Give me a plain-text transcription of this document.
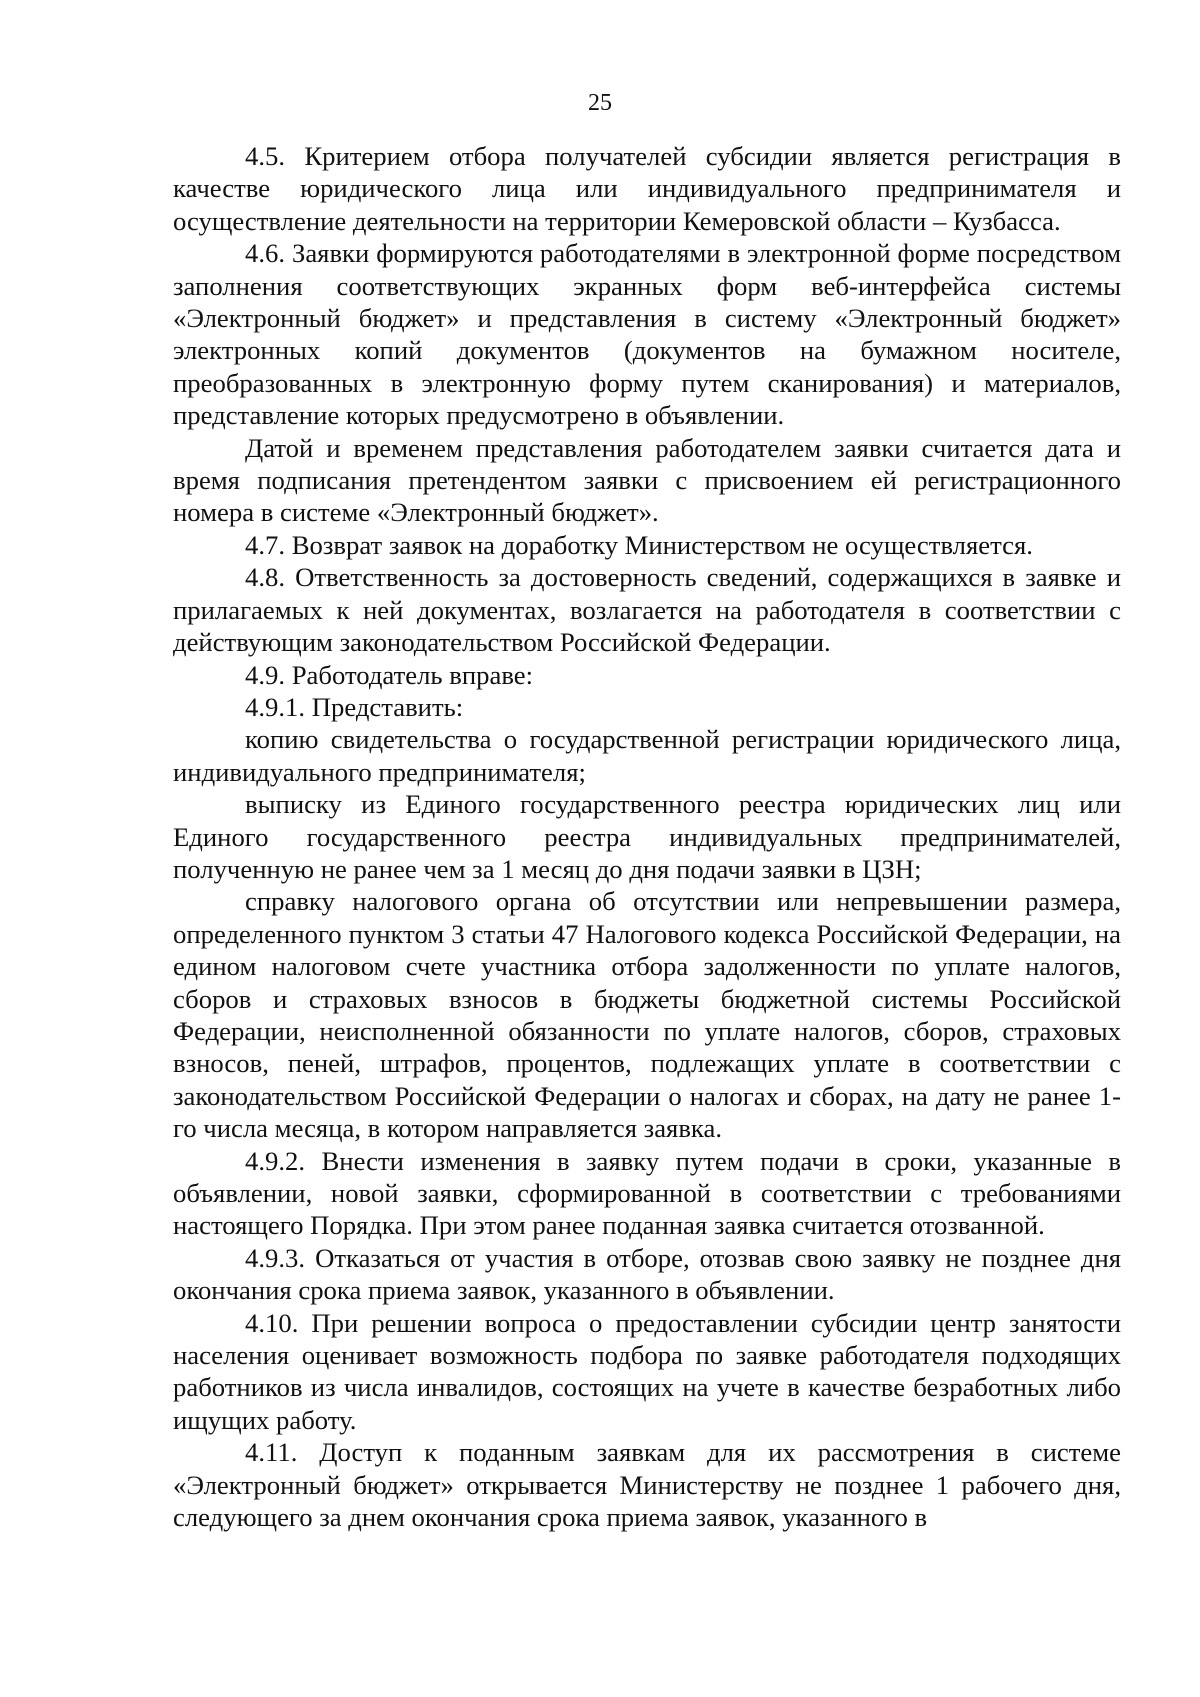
25

4.5. Критерием отбора получателей субсидии является регистрация в качестве юридического лица или индивидуального предпринимателя и осуществление деятельности на территории Кемеровской области – Кузбасса.

4.6. Заявки формируются работодателями в электронной форме посредством заполнения соответствующих экранных форм веб-интерфейса системы «Электронный бюджет» и представления в систему «Электронный бюджет» электронных копий документов (документов на бумажном носителе, преобразованных в электронную форму путем сканирования) и материалов, представление которых предусмотрено в объявлении.

Датой и временем представления работодателем заявки считается дата и время подписания претендентом заявки с присвоением ей регистрационного номера в системе «Электронный бюджет».

4.7. Возврат заявок на доработку Министерством не осуществляется.

4.8. Ответственность за достоверность сведений, содержащихся в заявке и прилагаемых к ней документах, возлагается на работодателя в соответствии с действующим законодательством Российской Федерации.

4.9. Работодатель вправе:

4.9.1. Представить:

копию свидетельства о государственной регистрации юридического лица, индивидуального предпринимателя;

выписку из Единого государственного реестра юридических лиц или Единого государственного реестра индивидуальных предпринимателей, полученную не ранее чем за 1 месяц до дня подачи заявки в ЦЗН;

справку налогового органа об отсутствии или непревышении размера, определенного пунктом 3 статьи 47 Налогового кодекса Российской Федерации, на едином налоговом счете участника отбора задолженности по уплате налогов, сборов и страховых взносов в бюджеты бюджетной системы Российской Федерации, неисполненной обязанности по уплате налогов, сборов, страховых взносов, пеней, штрафов, процентов, подлежащих уплате в соответствии с законодательством Российской Федерации о налогах и сборах, на дату не ранее 1-го числа месяца, в котором направляется заявка.

4.9.2. Внести изменения в заявку путем подачи в сроки, указанные в объявлении, новой заявки, сформированной в соответствии с требованиями настоящего Порядка. При этом ранее поданная заявка считается отозванной.

4.9.3. Отказаться от участия в отборе, отозвав свою заявку не позднее дня окончания срока приема заявок, указанного в объявлении.

4.10. При решении вопроса о предоставлении субсидии центр занятости населения оценивает возможность подбора по заявке работодателя подходящих работников из числа инвалидов, состоящих на учете в качестве безработных либо ищущих работу.

4.11. Доступ к поданным заявкам для их рассмотрения в системе «Электронный бюджет» открывается Министерству не позднее 1 рабочего дня, следующего за днем окончания срока приема заявок, указанного в
